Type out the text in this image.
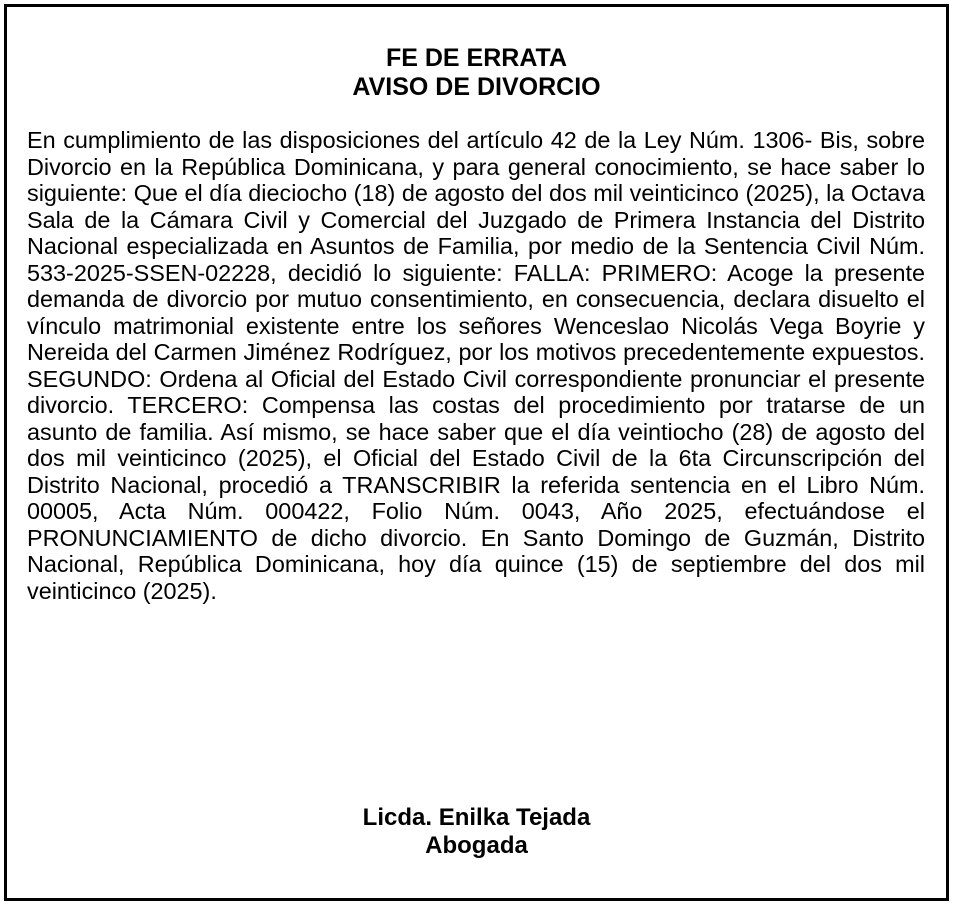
FE DE ERRATA
AVISO DE DIVORCIO
En cumplimiento de las disposiciones del artículo 42 de la Ley Núm. 1306- Bis, sobre Divorcio en la República Dominicana, y para general conocimiento, se hace saber lo siguiente: Que el día dieciocho (18) de agosto del dos mil veinticinco (2025), la Octava Sala de la Cámara Civil y Comercial del Juzgado de Primera Instancia del Distrito Nacional especializada en Asuntos de Familia, por medio de la Sentencia Civil Núm. 533-2025-SSEN-02228, decidió lo siguiente: FALLA: PRIMERO: Acoge la presente demanda de divorcio por mutuo consentimiento, en consecuencia, declara disuelto el vínculo matrimonial existente entre los señores Wenceslao Nicolás Vega Boyrie y Nereida del Carmen Jiménez Rodríguez, por los motivos precedentemente expuestos. SEGUNDO: Ordena al Oficial del Estado Civil correspondiente pronunciar el presente divorcio. TERCERO: Compensa las costas del procedimiento por tratarse de un asunto de familia. Así mismo, se hace saber que el día veintiocho (28) de agosto del dos mil veinticinco (2025), el Oficial del Estado Civil de la 6ta Circunscripción del Distrito Nacional, procedió a TRANSCRIBIR la referida sentencia en el Libro Núm. 00005, Acta Núm. 000422, Folio Núm. 0043, Año 2025, efectuándose el PRONUNCIAMIENTO de dicho divorcio. En Santo Domingo de Guzmán, Distrito Nacional, República Dominicana, hoy día quince (15) de septiembre del dos mil veinticinco (2025).
Licda. Enilka Tejada
Abogada
